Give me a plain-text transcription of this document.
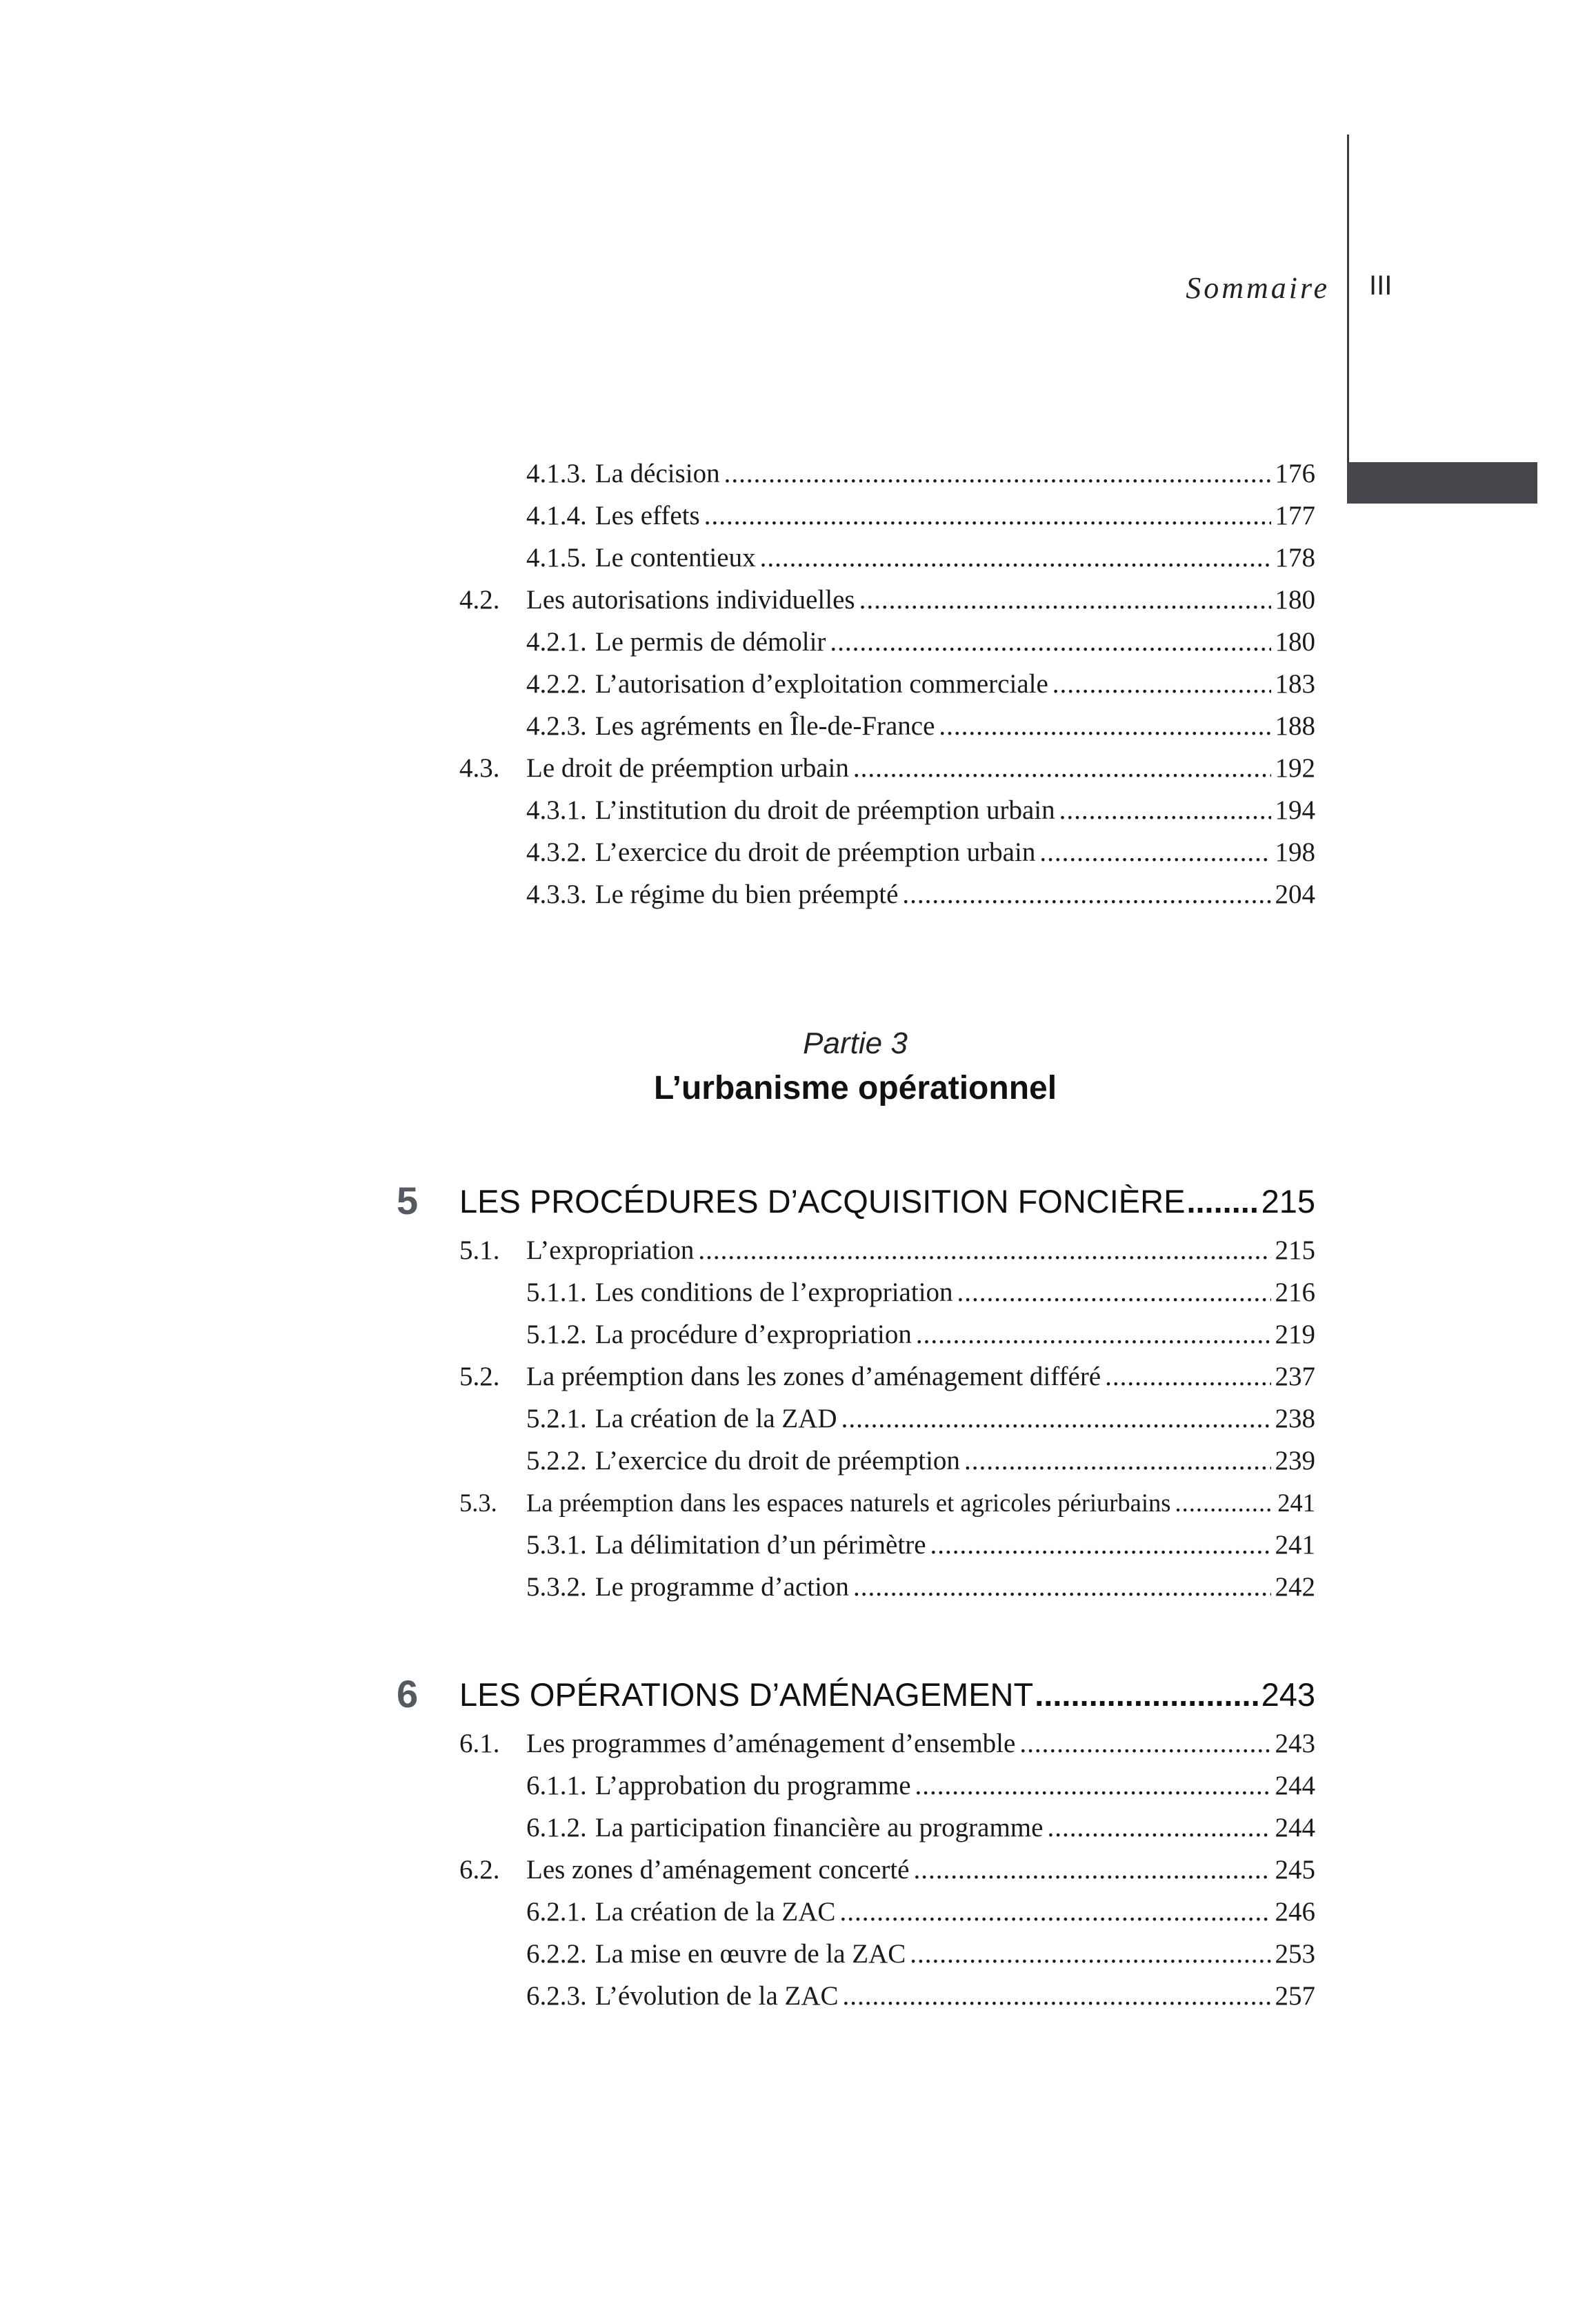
Sommaire III
4.1.3. La décision .....	176
4.1.4. Les effets .....	177
4.1.5. Le contentieux .....	178
4.2. Les autorisations individuelles .....	180
4.2.1. Le permis de démolir .....	180
4.2.2. L’autorisation d’exploitation commerciale .....	183
4.2.3. Les agréments en Île-de-France .....	188
4.3. Le droit de préemption urbain .....	192
4.3.1. L’institution du droit de préemption urbain .....	194
4.3.2. L’exercice du droit de préemption urbain .....	198
4.3.3. Le régime du bien préempté .....	204
Partie 3
L’urbanisme opérationnel
5 LES PROCÉDURES D’ACQUISITION FONCIÈRE ..... 215
5.1. L’expropriation .....	215
5.1.1. Les conditions de l’expropriation .....	216
5.1.2. La procédure d’expropriation .....	219
5.2. La préemption dans les zones d’aménagement différé .....	237
5.2.1. La création de la ZAD .....	238
5.2.2. L’exercice du droit de préemption .....	239
5.3.	La préemption dans les espaces naturels et agricoles périurbains .....	241
5.3.1. La délimitation d’un périmètre .....	241
5.3.2. Le programme d’action .....	242
6 LES OPÉRATIONS D’AMÉNAGEMENT .....	243
6.1. Les programmes d’aménagement d’ensemble .....	243
6.1.1. L’approbation du programme .....	244
6.1.2. La participation financière au programme .....	244
6.2. Les zones d’aménagement concerté .....	245
6.2.1. La création de la ZAC .....	246
6.2.2. La mise en œuvre de la ZAC .....	253
6.2.3. L’évolution de la ZAC .....	257
